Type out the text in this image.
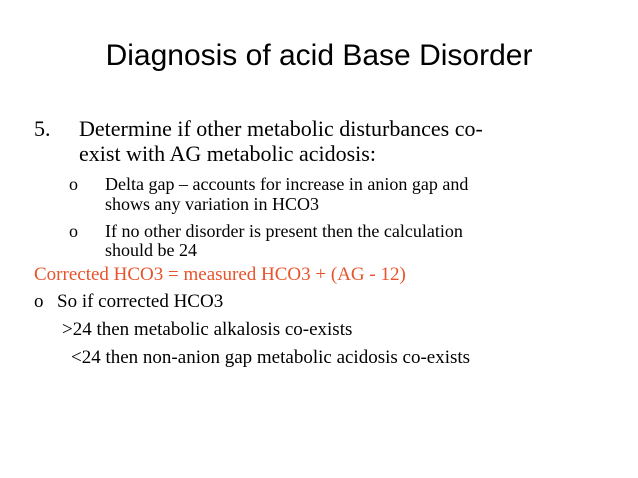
Diagnosis of acid Base Disorder
5. Determine if other metabolic disturbances co-
exist with AG metabolic acidosis:
o Delta gap – accounts for increase in anion gap and
shows any variation in HCO3
o If no other disorder is present then the calculation
should be 24
Corrected HCO3 = measured HCO3 + (AG - 12)
o So if corrected HCO3
>24 then metabolic alkalosis co-exists
<24 then non-anion gap metabolic acidosis co-exists
